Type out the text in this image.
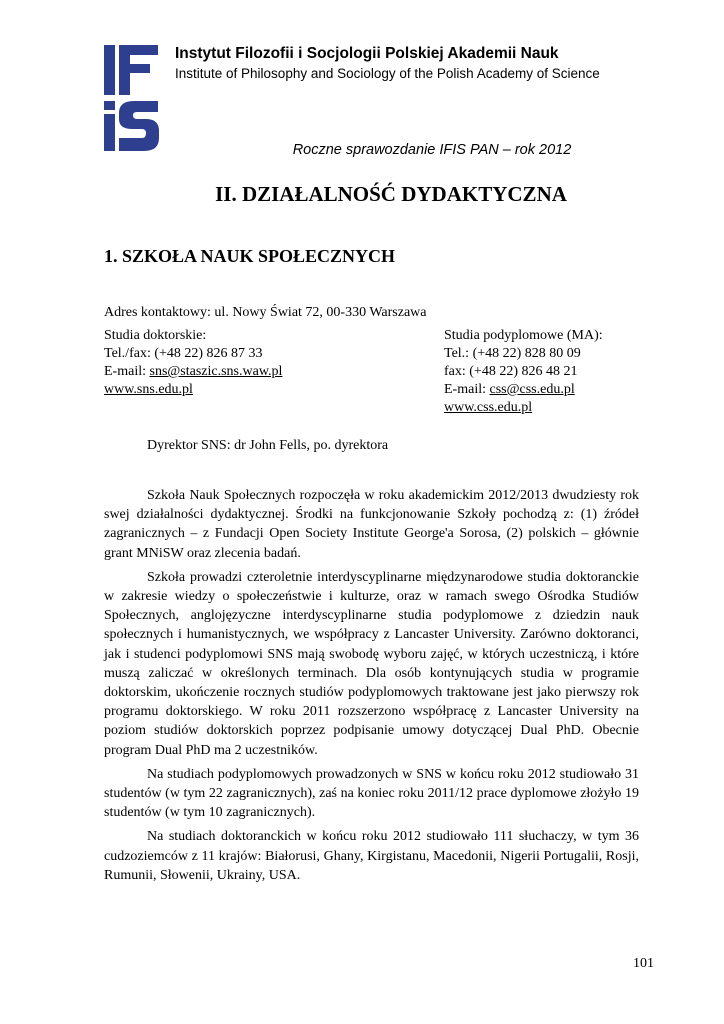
Instytut Filozofii i Socjologii Polskiej Akademii Nauk
Institute of Philosophy and Sociology of the Polish Academy of Science
Roczne sprawozdanie IFIS PAN – rok 2012
II. DZIAŁALNOŚĆ DYDAKTYCZNA
1. SZKOŁA NAUK SPOŁECZNYCH
Adres kontaktowy: ul. Nowy Świat 72, 00-330 Warszawa
Studia doktorskie:
Tel./fax: (+48 22) 826 87 33
E-mail: sns@staszic.sns.waw.pl
www.sns.edu.pl
Studia podyplomowe (MA):
Tel.: (+48 22) 828 80 09
fax: (+48 22) 826 48 21
E-mail: css@css.edu.pl
www.css.edu.pl
Dyrektor SNS: dr John Fells, po. dyrektora

Szkoła Nauk Społecznych rozpoczęła w roku akademickim 2012/2013 dwudziesty rok swej działalności dydaktycznej. Środki na funkcjonowanie Szkoły pochodzą z: (1) źródeł zagranicznych – z Fundacji Open Society Institute George'a Sorosa, (2) polskich – głównie grant MNiSW oraz zlecenia badań.

Szkoła prowadzi czteroletnie interdyscyplinarne międzynarodowe studia doktoranckie w zakresie wiedzy o społeczeństwie i kulturze, oraz w ramach swego Ośrodka Studiów Społecznych, anglojęzyczne interdyscyplinarne studia podyplomowe z dziedzin nauk społecznych i humanistycznych, we współpracy z Lancaster University. Zarówno doktoranci, jak i studenci podyplomowi SNS mają swobodę wyboru zajęć, w których uczestniczą, i które muszą zaliczać w określonych terminach. Dla osób kontynujących studia w programie doktorskim, ukończenie rocznych studiów podyplomowych traktowane jest jako pierwszy rok programu doktorskiego. W roku 2011 rozszerzono współpracę z Lancaster University na poziom studiów doktorskich poprzez podpisanie umowy dotyczącej Dual PhD. Obecnie program Dual PhD ma 2 uczestników.

Na studiach podyplomowych prowadzonych w SNS w końcu roku 2012 studiowało 31 studentów (w tym 22 zagranicznych), zaś na koniec roku 2011/12 prace dyplomowe złożyło 19 studentów (w tym 10 zagranicznych).

Na studiach doktoranckich w końcu roku 2012 studiowało 111 słuchaczy, w tym 36 cudzoziemców z 11 krajów: Białorusi, Ghany, Kirgistanu, Macedonii, Nigerii Portugalii, Rosji, Rumunii, Słowenii, Ukrainy, USA.

101
